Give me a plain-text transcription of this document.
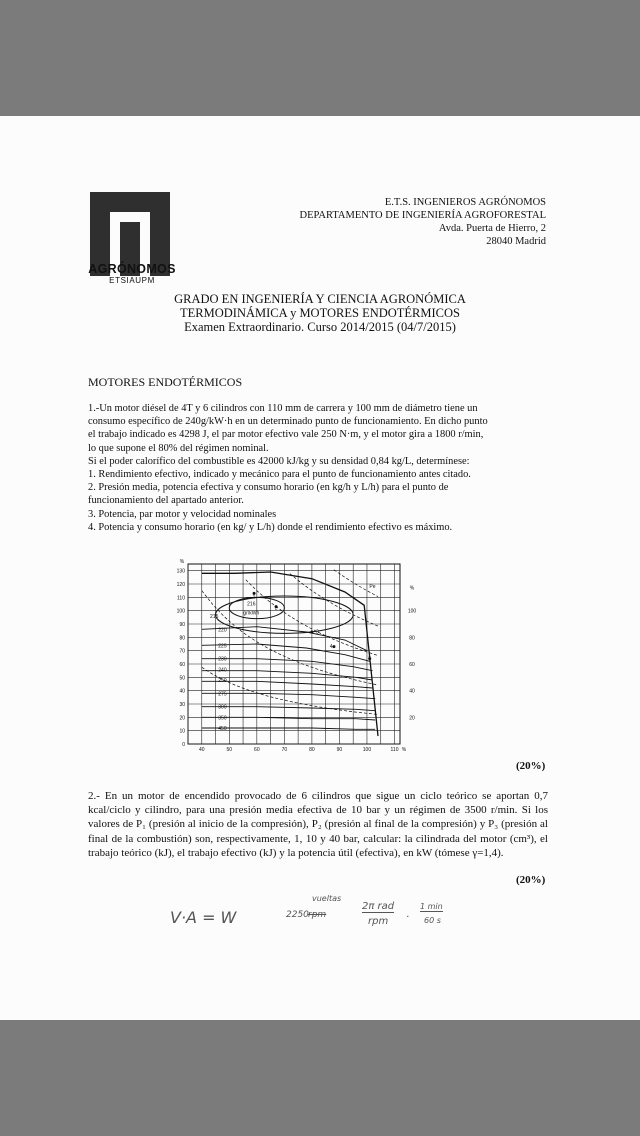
AGRÓNOMOS
ETSIAUPM
E.T.S. INGENIEROS AGRÓNOMOS
DEPARTAMENTO DE INGENIERÍA AGROFORESTAL
Avda. Puerta de Hierro, 2
28040 Madrid
GRADO EN INGENIERÍA Y CIENCIA AGRONÓMICA
TERMODINÁMICA y MOTORES ENDOTÉRMICOS
Examen Extraordinario. Curso 2014/2015 (04/7/2015)
MOTORES ENDOTÉRMICOS
1.-Un motor diésel de 4T y 6 cilindros con 110 mm de carrera y 100 mm de diámetro tiene un
consumo específico de 240g/kW·h en un determinado punto de funcionamiento. En dicho punto
el trabajo indicado es 4298 J, el par motor efectivo vale 250 N·m, y el motor gira a 1800 r/min,
lo que supone el 80% del régimen nominal.
Si el poder calorífico del combustible es 42000 kJ/kg y su densidad 0,84 kg/L, determínese:
1. Rendimiento efectivo, indicado y mecánico para el punto de funcionamiento antes citado.
2. Presión media, potencia efectiva y consumo horario (en kg/h y L/h) para el punto de
funcionamiento del apartado anterior.
3. Potencia, par motor y velocidad nominales
4. Potencia y consumo horario (en kg/ y L/h) donde el rendimiento efectivo es máximo.
0
10
20
30
40
50
60
70
80
90
100
110
120
130
40	50	60	70	80	90	100	110
%
%
100
80
60
40
20
%
215
220
225
230
240
250
275
300
350
450
216
gr/kWh
Pe
1
2
3
4
5
(20%)
2.- En un motor de encendido provocado de 6 cilindros que sigue un ciclo teórico se aportan 0,7 kcal/ciclo y cilindro, para una presión media efectiva de 10 bar y un régimen de 3500 r/min. Si los valores de P₁ (presión al inicio de la compresión), P₂ (presión al final de la compresión) y P₃ (presión al final de la combustión) son, respectivamente, 1, 10 y 40 bar, calcular: la cilindrada del motor (cm³), el trabajo teórico (kJ), el trabajo efectivo (kJ) y la potencia útil (efectiva), en kW (tómese γ=1,4).
(20%)
V·A = W	2250
vueltas
rpm
2π rad
rpm ·
1 min
60 s
